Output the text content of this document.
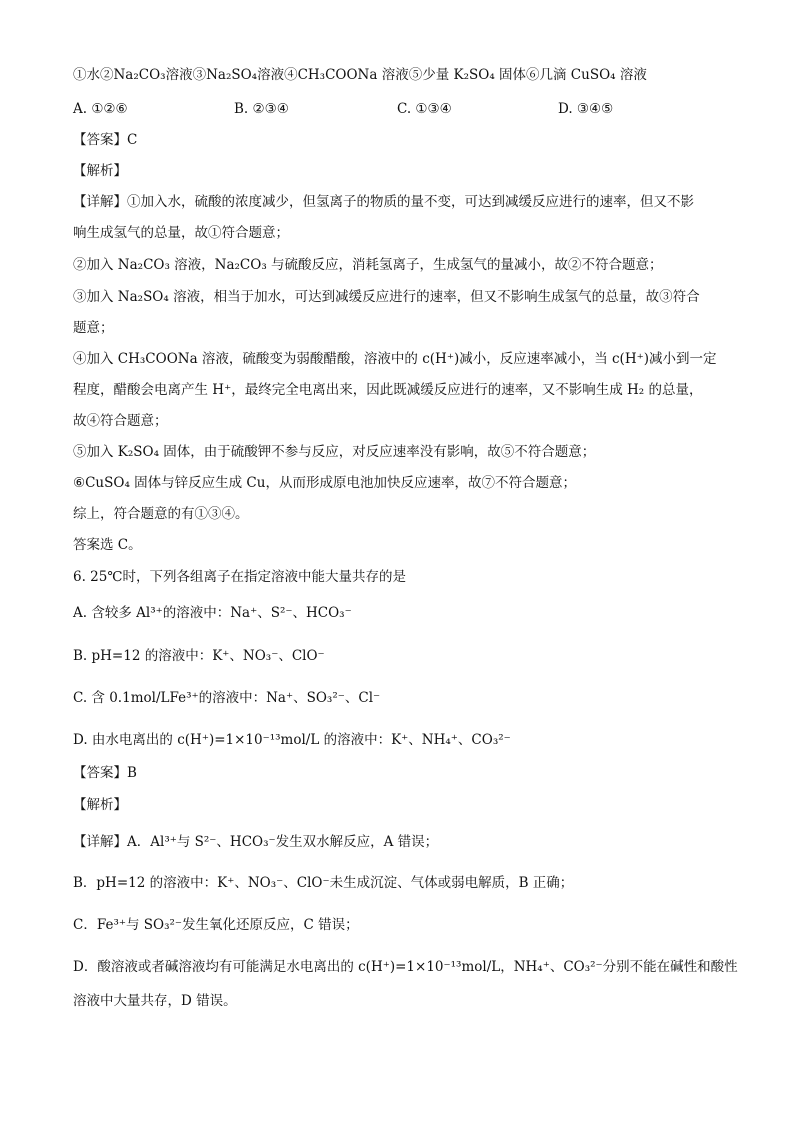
①水②Na₂CO₃溶液③Na₂SO₄溶液④CH₃COONa 溶液⑤少量 K₂SO₄ 固体⑥几滴 CuSO₄ 溶液
A. ①②⑥	B. ②③④	C. ①③④	D. ③④⑤
【答案】C
【解析】
【详解】①加入水，硫酸的浓度减少，但氢离子的物质的量不变，可达到减缓反应进行的速率，但又不影
响生成氢气的总量，故①符合题意；
②加入 Na₂CO₃ 溶液，Na₂CO₃ 与硫酸反应，消耗氢离子，生成氢气的量减小，故②不符合题意；
③加入 Na₂SO₄ 溶液，相当于加水，可达到减缓反应进行的速率，但又不影响生成氢气的总量，故③符合
题意；
④加入 CH₃COONa 溶液，硫酸变为弱酸醋酸，溶液中的 c(H⁺)减小，反应速率减小，当 c(H⁺)减小到一定
程度，醋酸会电离产生 H⁺，最终完全电离出来，因此既减缓反应进行的速率，又不影响生成 H₂ 的总量，
故④符合题意；
⑤加入 K₂SO₄ 固体，由于硫酸钾不参与反应，对反应速率没有影响，故⑤不符合题意；
⑥CuSO₄ 固体与锌反应生成 Cu，从而形成原电池加快反应速率，故⑦不符合题意；
综上，符合题意的有①③④。
答案选 C。
6. 25℃时，下列各组离子在指定溶液中能大量共存的是
A. 含较多 Al³⁺的溶液中：Na⁺、S²⁻、HCO₃⁻
B. pH=12 的溶液中：K⁺、NO₃⁻、ClO⁻
C. 含 0.1mol/LFe³⁺的溶液中：Na⁺、SO₃²⁻、Cl⁻
D. 由水电离出的 c(H⁺)=1×10⁻¹³mol/L 的溶液中：K⁺、NH₄⁺、CO₃²⁻
【答案】B
【解析】
【详解】A．Al³⁺与 S²⁻、HCO₃⁻发生双水解反应，A 错误；
B．pH=12 的溶液中：K⁺、NO₃⁻、ClO⁻未生成沉淀、气体或弱电解质，B 正确；
C．Fe³⁺与 SO₃²⁻发生氧化还原反应，C 错误；
D．酸溶液或者碱溶液均有可能满足水电离出的 c(H⁺)=1×10⁻¹³mol/L，NH₄⁺、CO₃²⁻分别不能在碱性和酸性
溶液中大量共存，D 错误。
